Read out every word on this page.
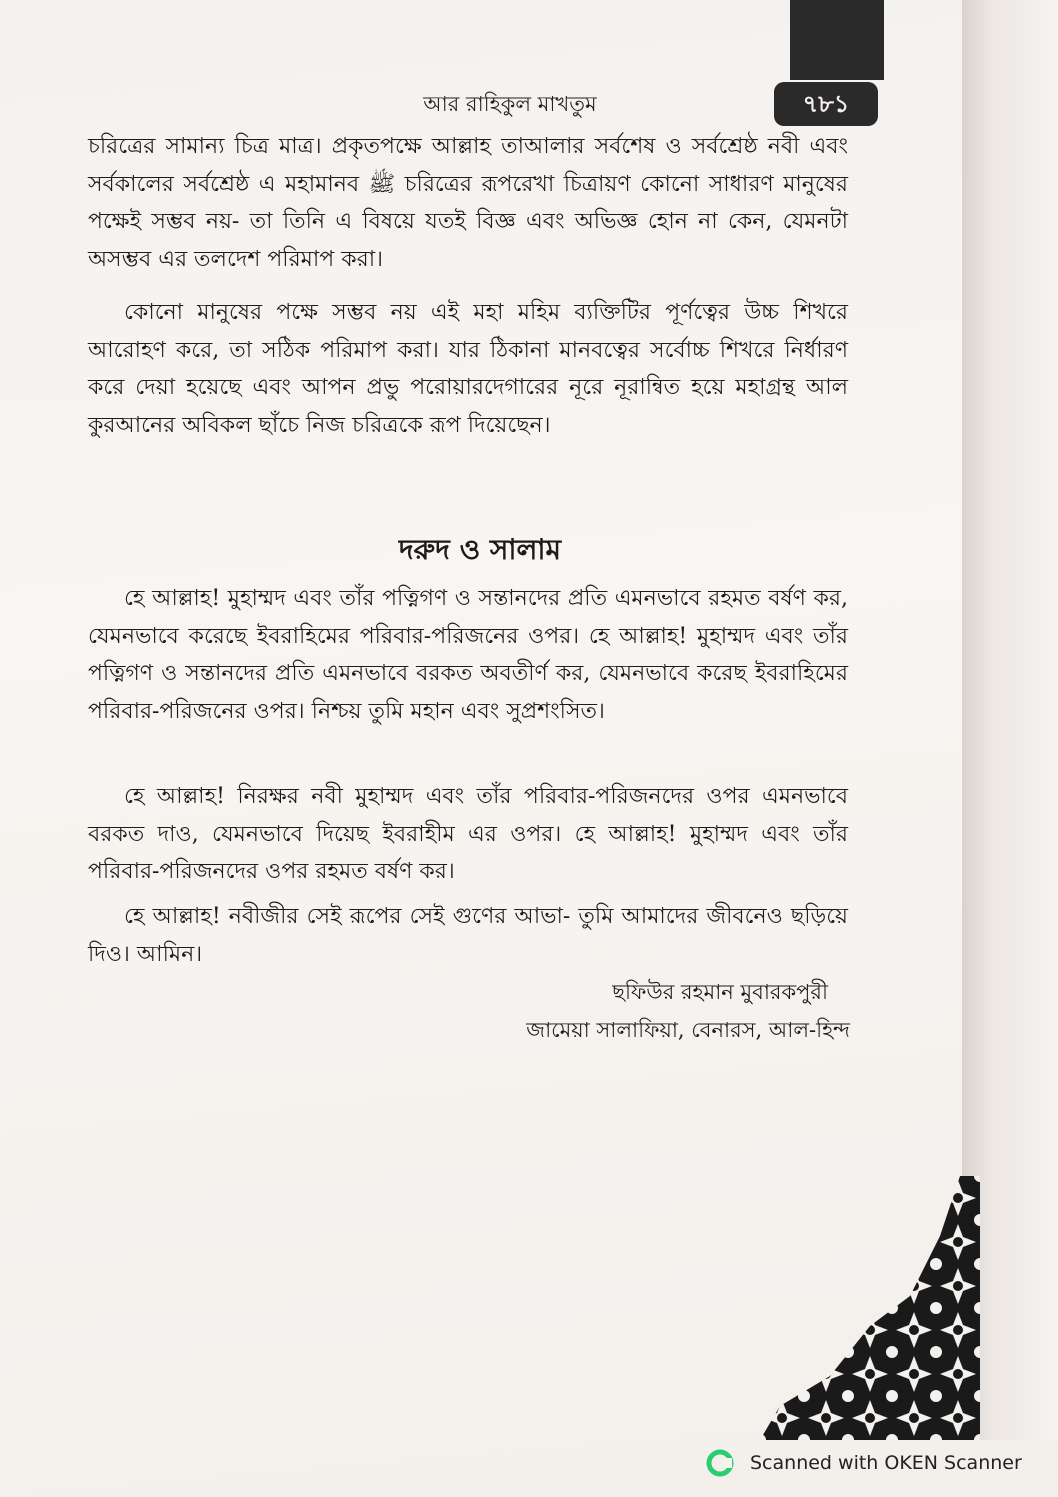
আর রাহিকুল মাখতুম	৭৮১

চরিত্রের সামান্য চিত্র মাত্র। প্রকৃতপক্ষে আল্লাহ তাআলার সর্বশেষ ও সর্বশ্রেষ্ঠ নবী এবং সর্বকালের সর্বশ্রেষ্ঠ এ মহামানব ﷺ চরিত্রের রূপরেখা চিত্রায়ণ কোনো সাধারণ মানুষের পক্ষেই সম্ভব নয়- তা তিনি এ বিষয়ে যতই বিজ্ঞ এবং অভিজ্ঞ হোন না কেন, যেমনটা অসম্ভব এর তলদেশ পরিমাপ করা।

কোনো মানুষের পক্ষে সম্ভব নয় এই মহা মহিম ব্যক্তিটির পূর্ণত্বের উচ্চ শিখরে আরোহণ করে, তা সঠিক পরিমাপ করা। যার ঠিকানা মানবত্বের সর্বোচ্চ শিখরে নির্ধারণ করে দেয়া হয়েছে এবং আপন প্রভু পরোয়ারদেগারের নূরে নূরান্বিত হয়ে মহাগ্রন্থ আল কুরআনের অবিকল ছাঁচে নিজ চরিত্রকে রূপ দিয়েছেন।

দরুদ ও সালাম

হে আল্লাহ! মুহাম্মদ এবং তাঁর পত্নিগণ ও সন্তানদের প্রতি এমনভাবে রহমত বর্ষণ কর, যেমনভাবে করেছে ইবরাহিমের পরিবার-পরিজনের ওপর। হে আল্লাহ! মুহাম্মদ এবং তাঁর পত্নিগণ ও সন্তানদের প্রতি এমনভাবে বরকত অবতীর্ণ কর, যেমনভাবে করেছ ইবরাহিমের পরিবার-পরিজনের ওপর। নিশ্চয় তুমি মহান এবং সুপ্রশংসিত।

হে আল্লাহ! নিরক্ষর নবী মুহাম্মদ এবং তাঁর পরিবার-পরিজনদের ওপর এমনভাবে বরকত দাও, যেমনভাবে দিয়েছ ইবরাহীম এর ওপর। হে আল্লাহ! মুহাম্মদ এবং তাঁর পরিবার-পরিজনদের ওপর রহমত বর্ষণ কর।

হে আল্লাহ! নবীজীর সেই রূপের সেই গুণের আভা- তুমি আমাদের জীবনেও ছড়িয়ে দিও। আমিন।

ছফিউর রহমান মুবারকপুরী

জামেয়া সালাফিয়া, বেনারস, আল-হিন্দ

Scanned with OKEN Scanner
